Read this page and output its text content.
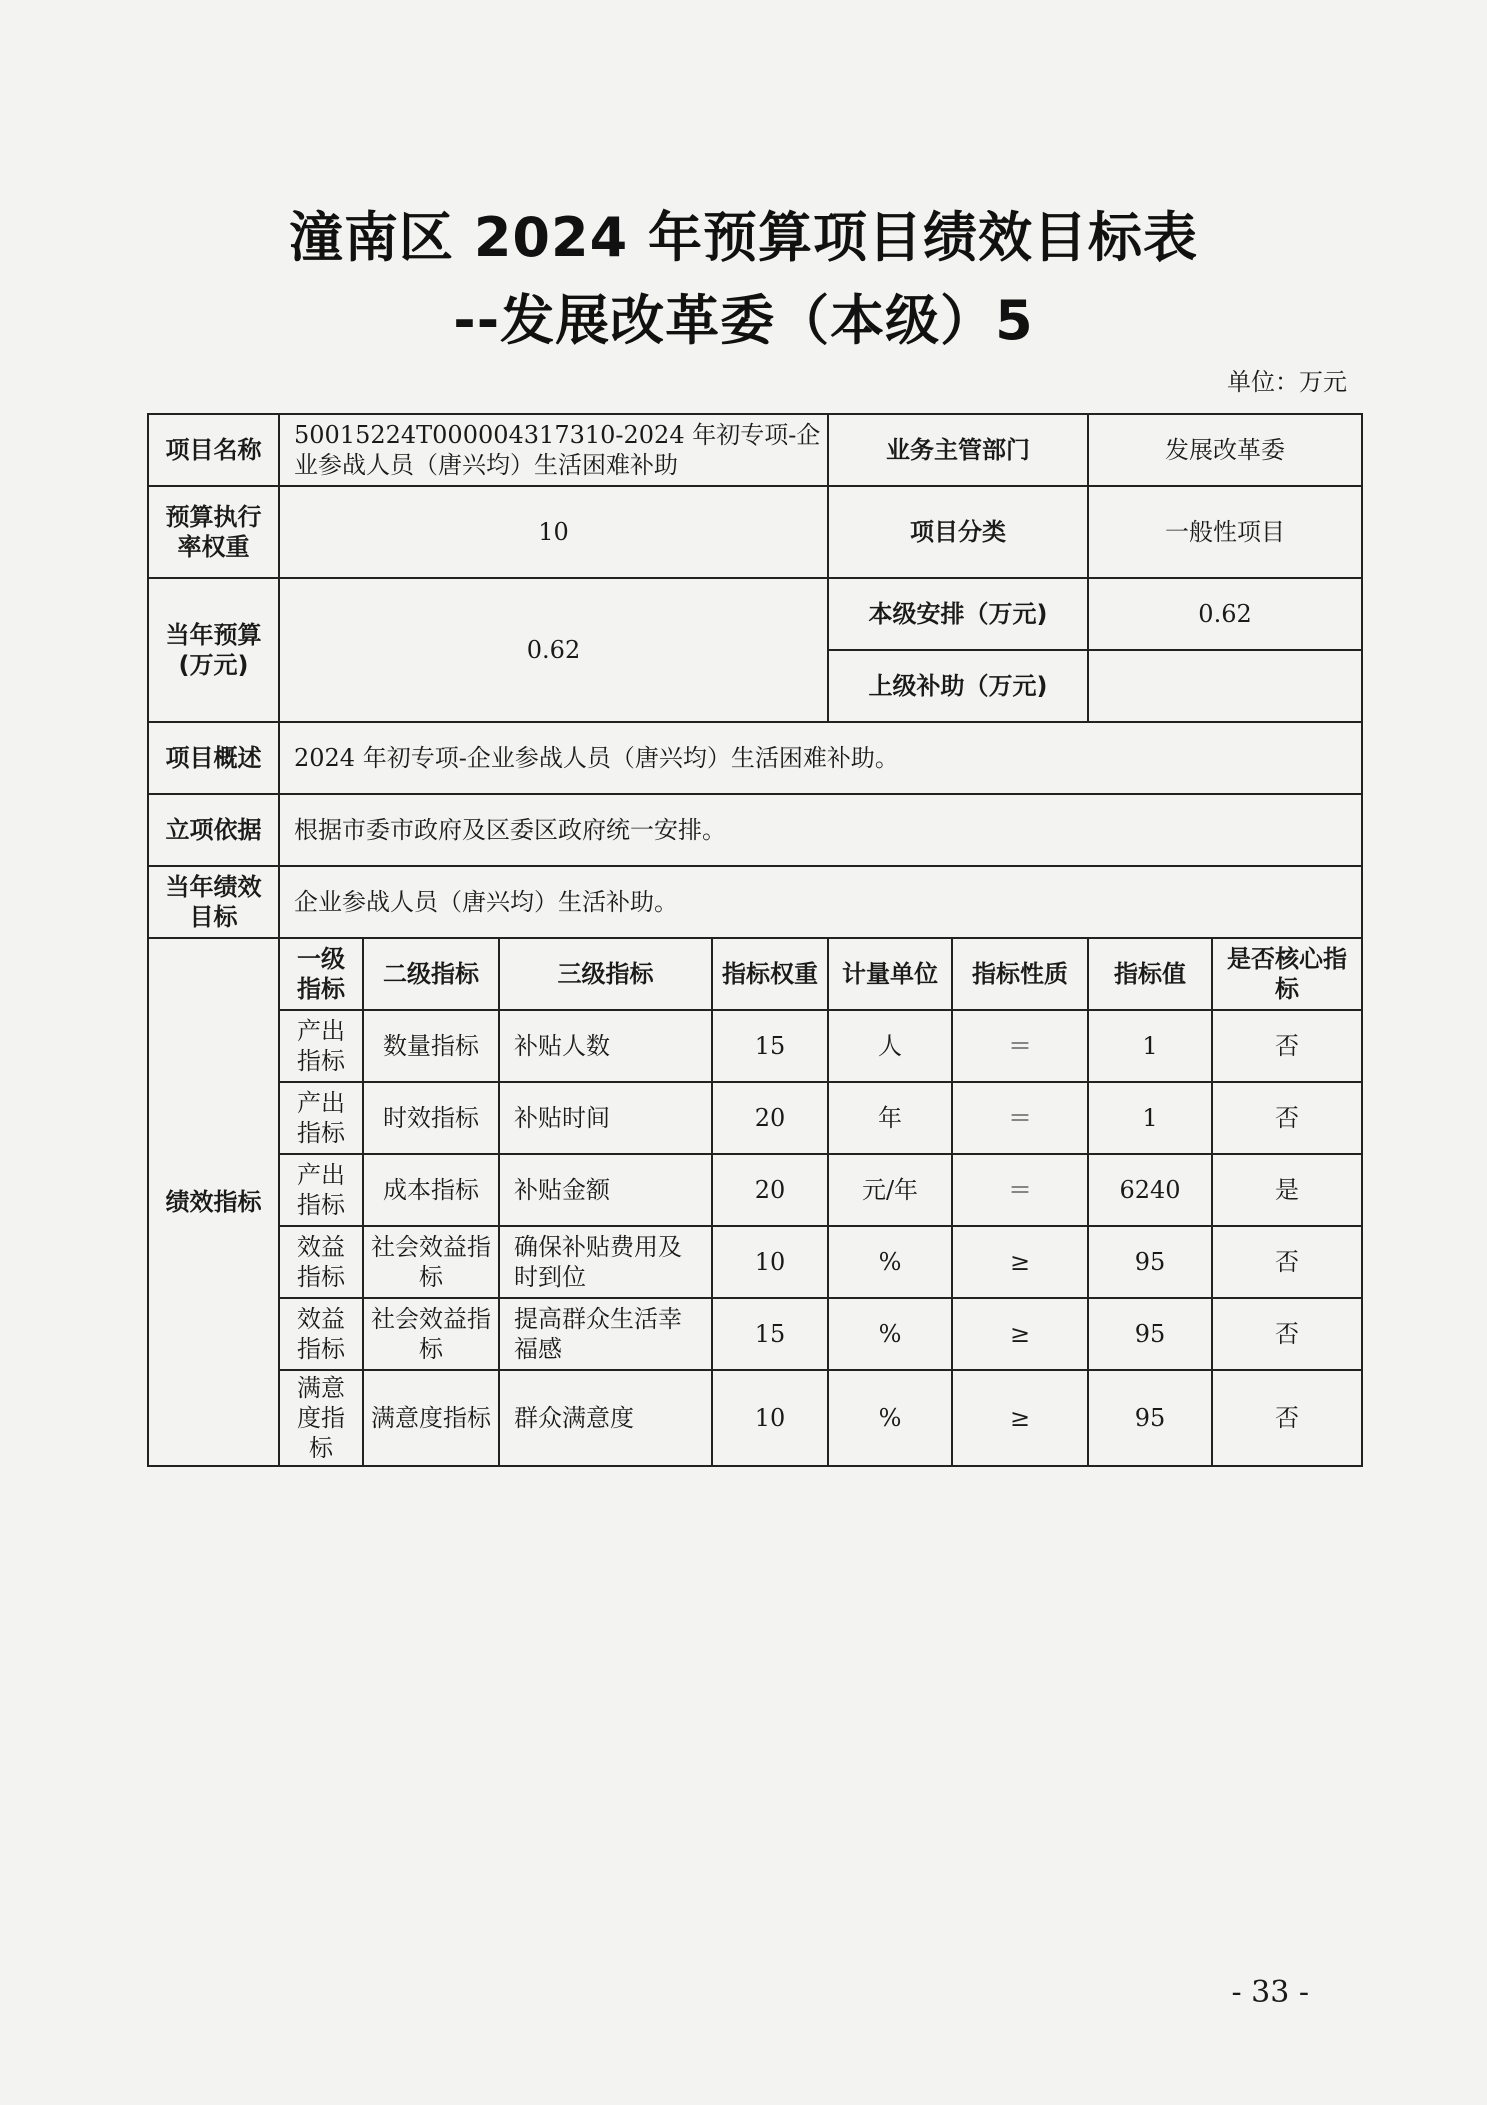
潼南区 2024 年预算项目绩效目标表
--发展改革委（本级）5
单位：万元
项目名称	50015224T000004317310-2024 年初专项-企业参战人员（唐兴均）生活困难补助				业务主管部门		发展改革委	
预算执行率权重	10				项目分类		一般性项目	
当年预算(万元)	0.62				本级安排（万元)		0.62	
					上级补助（万元)			
项目概述	2024 年初专项-企业参战人员（唐兴均）生活困难补助。							
立项依据	根据市委市政府及区委区政府统一安排。							
当年绩效目标	企业参战人员（唐兴均）生活补助。							
绩效指标	一级指标	二级指标	三级指标	指标权重	计量单位	指标性质	指标值	是否核心指标
	产出指标	数量指标	补贴人数	15	人	＝	1	否
	产出指标	时效指标	补贴时间	20	年	＝	1	否
	产出指标	成本指标	补贴金额	20	元/年	＝	6240	是
	效益指标	社会效益指标	确保补贴费用及时到位	10	%	≥	95	否
	效益指标	社会效益指标	提高群众生活幸福感	15	%	≥	95	否
	满意度指标	满意度指标	群众满意度	10	%	≥	95	否
- 33 -
